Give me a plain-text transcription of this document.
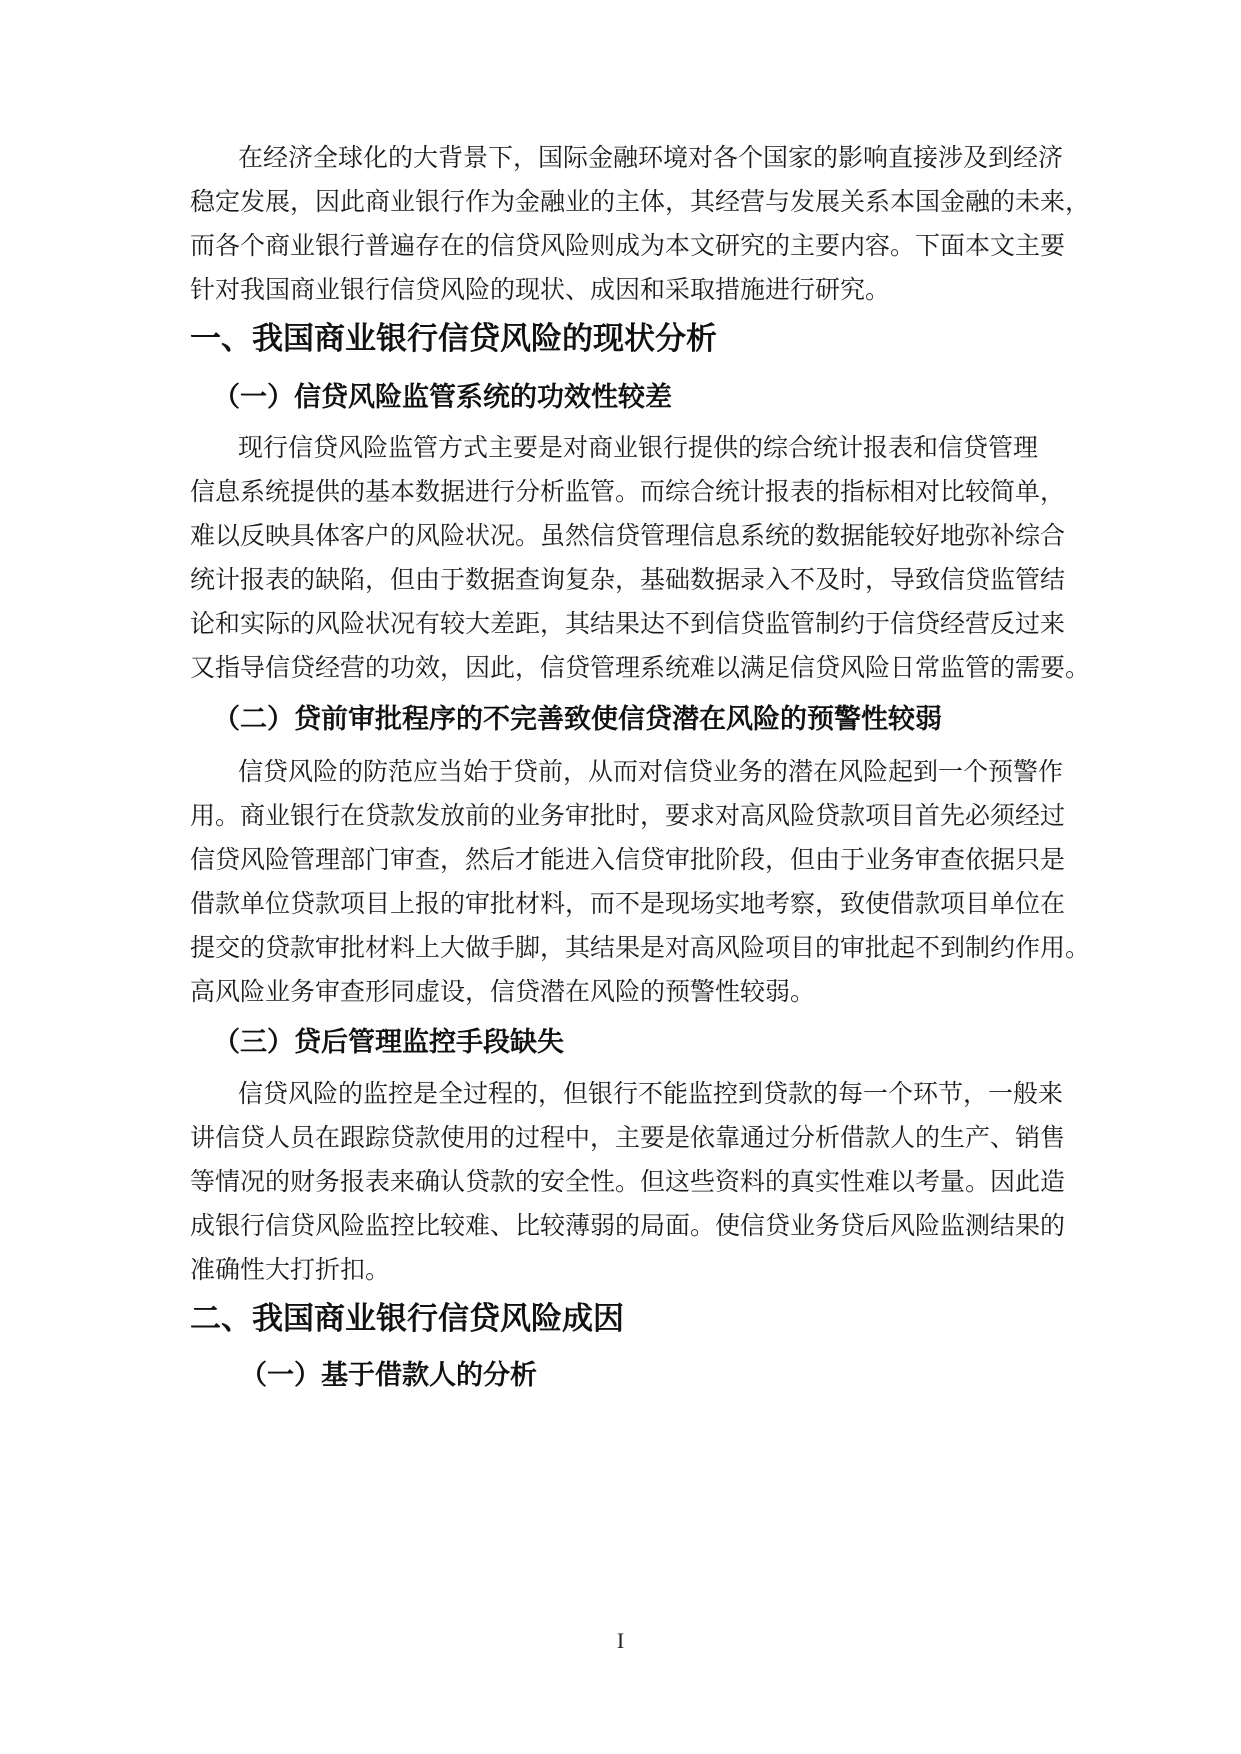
在经济全球化的大背景下，国际金融环境对各个国家的影响直接涉及到经济

稳定发展，因此商业银行作为金融业的主体，其经营与发展关系本国金融的未来，

而各个商业银行普遍存在的信贷风险则成为本文研究的主要内容。下面本文主要

针对我国商业银行信贷风险的现状、成因和采取措施进行研究。

一、我国商业银行信贷风险的现状分析
（一）信贷风险监管系统的功效性较差

现行信贷风险监管方式主要是对商业银行提供的综合统计报表和信贷管理

信息系统提供的基本数据进行分析监管。而综合统计报表的指标相对比较简单，

难以反映具体客户的风险状况。虽然信贷管理信息系统的数据能较好地弥补综合

统计报表的缺陷，但由于数据查询复杂，基础数据录入不及时，导致信贷监管结

论和实际的风险状况有较大差距，其结果达不到信贷监管制约于信贷经营反过来

又指导信贷经营的功效，因此，信贷管理系统难以满足信贷风险日常监管的需要。

（二）贷前审批程序的不完善致使信贷潜在风险的预警性较弱

信贷风险的防范应当始于贷前，从而对信贷业务的潜在风险起到一个预警作

用。商业银行在贷款发放前的业务审批时，要求对高风险贷款项目首先必须经过

信贷风险管理部门审查，然后才能进入信贷审批阶段，但由于业务审查依据只是

借款单位贷款项目上报的审批材料，而不是现场实地考察，致使借款项目单位在

提交的贷款审批材料上大做手脚，其结果是对高风险项目的审批起不到制约作用。

高风险业务审查形同虚设，信贷潜在风险的预警性较弱。

（三）贷后管理监控手段缺失

信贷风险的监控是全过程的，但银行不能监控到贷款的每一个环节，一般来

讲信贷人员在跟踪贷款使用的过程中，主要是依靠通过分析借款人的生产、销售

等情况的财务报表来确认贷款的安全性。但这些资料的真实性难以考量。因此造

成银行信贷风险监控比较难、比较薄弱的局面。使信贷业务贷后风险监测结果的

准确性大打折扣。

二、我国商业银行信贷风险成因
（一）基于借款人的分析

I
